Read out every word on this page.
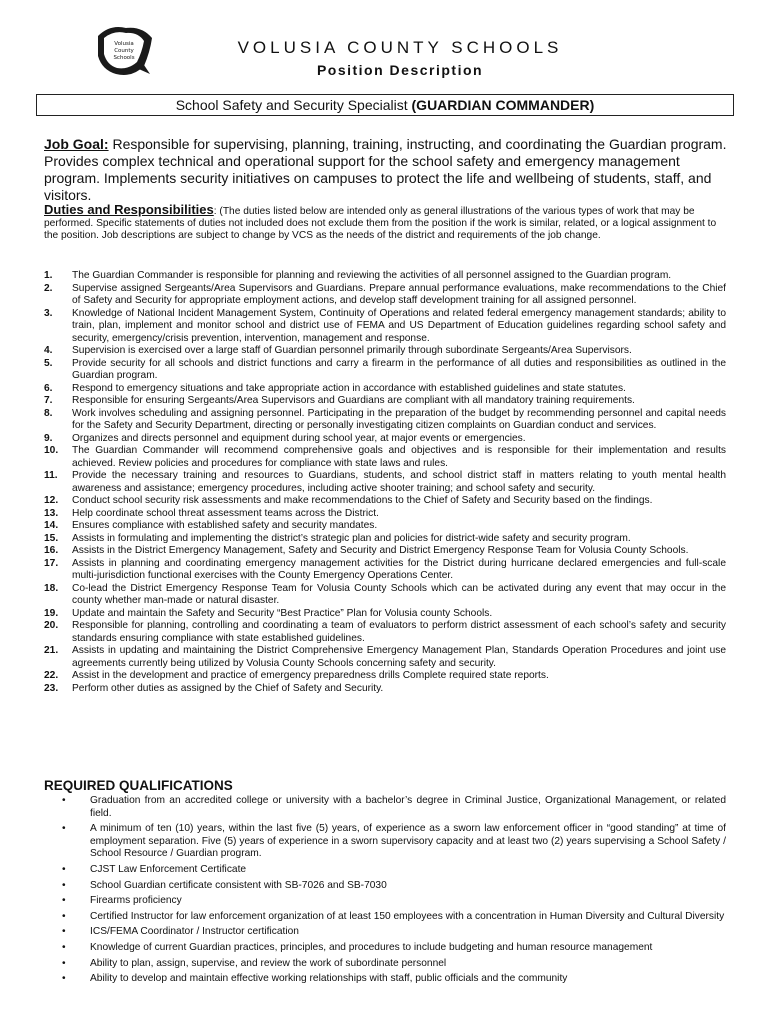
Volusia
County
Schools
VOLUSIA COUNTY SCHOOLS
Position Description
School Safety and Security Specialist (GUARDIAN COMMANDER)
Job Goal: Responsible for supervising, planning, training, instructing, and coordinating the Guardian program. Provides complex technical and operational support for the school safety and emergency management program. Implements security initiatives on campuses to protect the life and wellbeing of students, staff, and visitors.
Duties and Responsibilities: (The duties listed below are intended only as general illustrations of the various types of work that may be performed. Specific statements of duties not included does not exclude them from the position if the work is similar, related, or a logical assignment to the position. Job descriptions are subject to change by VCS as the needs of the district and requirements of the job change.
1.	The Guardian Commander is responsible for planning and reviewing the activities of all personnel assigned to the Guardian program.
2.	Supervise assigned Sergeants/Area Supervisors and Guardians. Prepare annual performance evaluations, make recommendations to the Chief of Safety and Security for appropriate employment actions, and develop staff development training for all assigned personnel.
3.	Knowledge of National Incident Management System, Continuity of Operations and related federal emergency management standards; ability to train, plan, implement and monitor school and district use of FEMA and US Department of Education guidelines regarding school safety and security, emergency/crisis prevention, intervention, management and response.
4.	Supervision is exercised over a large staff of Guardian personnel primarily through subordinate Sergeants/Area Supervisors.
5.	Provide security for all schools and district functions and carry a firearm in the performance of all duties and responsibilities as outlined in the Guardian program.
6.	Respond to emergency situations and take appropriate action in accordance with established guidelines and state statutes.
7.	Responsible for ensuring Sergeants/Area Supervisors and Guardians are compliant with all mandatory training requirements.
8.	Work involves scheduling and assigning personnel. Participating in the preparation of the budget by recommending personnel and capital needs for the Safety and Security Department, directing or personally investigating citizen complaints on Guardian conduct and services.
9.	Organizes and directs personnel and equipment during school year, at major events or emergencies.
10.	The Guardian Commander will recommend comprehensive goals and objectives and is responsible for their implementation and results achieved. Review policies and procedures for compliance with state laws and rules.
11.	Provide the necessary training and resources to Guardians, students, and school district staff in matters relating to youth mental health awareness and assistance; emergency procedures, including active shooter training; and school safety and security.
12.	Conduct school security risk assessments and make recommendations to the Chief of Safety and Security based on the findings.
13.	Help coordinate school threat assessment teams across the District.
14.	Ensures compliance with established safety and security mandates.
15.	Assists in formulating and implementing the district’s strategic plan and policies for district-wide safety and security program.
16.	Assists in the District Emergency Management, Safety and Security and District Emergency Response Team for Volusia County Schools.
17.	Assists in planning and coordinating emergency management activities for the District during hurricane declared emergencies and full-scale multi-jurisdiction functional exercises with the County Emergency Operations Center.
18.	Co-lead the District Emergency Response Team for Volusia County Schools which can be activated during any event that may occur in the county whether man-made or natural disaster.
19.	Update and maintain the Safety and Security “Best Practice” Plan for Volusia county Schools.
20.	Responsible for planning, controlling and coordinating a team of evaluators to perform district assessment of each school’s safety and security standards ensuring compliance with state established guidelines.
21.	Assists in updating and maintaining the District Comprehensive Emergency Management Plan, Standards Operation Procedures and joint use agreements currently being utilized by Volusia County Schools concerning safety and security.
22.	Assist in the development and practice of emergency preparedness drills Complete required state reports.
23.	Perform other duties as assigned by the Chief of Safety and Security.
REQUIRED QUALIFICATIONS
•	Graduation from an accredited college or university with a bachelor’s degree in Criminal Justice, Organizational Management, or related field.
•	A minimum of ten (10) years, within the last five (5) years, of experience as a sworn law enforcement officer in “good standing” at time of employment separation. Five (5) years of experience in a sworn supervisory capacity and at least two (2) years supervising a School Safety / School Resource / Guardian program.
•	CJST Law Enforcement Certificate
•	School Guardian certificate consistent with SB-7026 and SB-7030
•	Firearms proficiency
•	Certified Instructor for law enforcement organization of at least 150 employees with a concentration in Human Diversity and Cultural Diversity
•	ICS/FEMA Coordinator / Instructor certification
•	Knowledge of current Guardian practices, principles, and procedures to include budgeting and human resource management
•	Ability to plan, assign, supervise, and review the work of subordinate personnel
•	Ability to develop and maintain effective working relationships with staff, public officials and the community
